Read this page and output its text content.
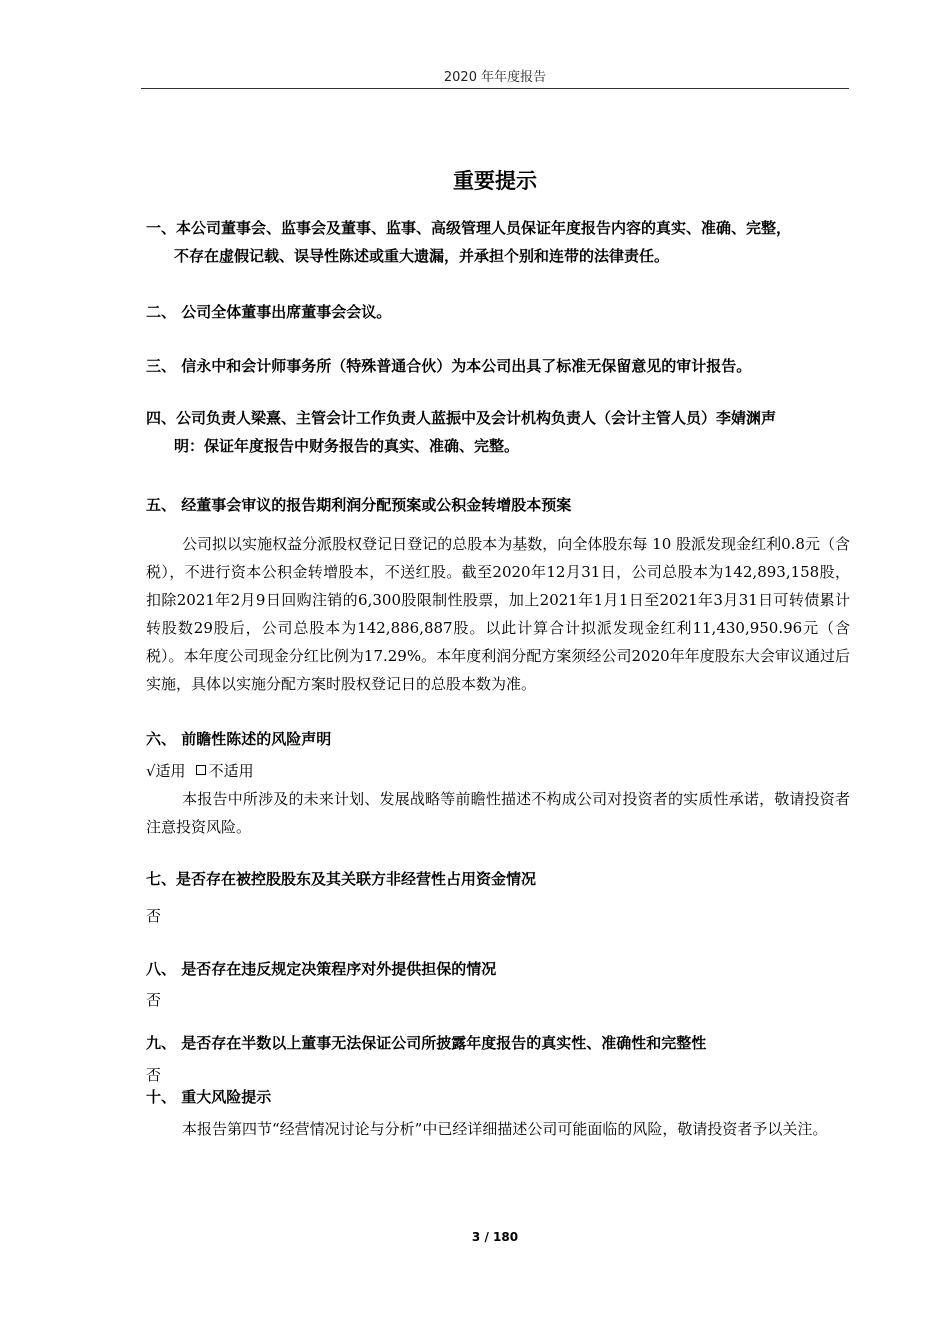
2020 年年度报告
重要提示
一、本公司董事会、监事会及董事、监事、高级管理人员保证年度报告内容的真实、准确、完整，
不存在虚假记载、误导性陈述或重大遗漏，并承担个别和连带的法律责任。
二、 公司全体董事出席董事会会议。
三、 信永中和会计师事务所（特殊普通合伙）为本公司出具了标准无保留意见的审计报告。
四、公司负责人梁熹、主管会计工作负责人蓝振中及会计机构负责人（会计主管人员）李婧渊声
明：保证年度报告中财务报告的真实、准确、完整。
五、 经董事会审议的报告期利润分配预案或公积金转增股本预案
公司拟以实施权益分派股权登记日登记的总股本为基数，向全体股东每 10 股派发现金红利0.8元（含税），不进行资本公积金转增股本，不送红股。截至2020年12月31日，公司总股本为142,893,158股，扣除2021年2月9日回购注销的6,300股限制性股票，加上2021年1月1日至2021年3月31日可转债累计转股数29股后，公司总股本为142,886,887股。以此计算合计拟派发现金红利11,430,950.96元（含税）。本年度公司现金分红比例为17.29%。本年度利润分配方案须经公司2020年年度股东大会审议通过后实施，具体以实施分配方案时股权登记日的总股本数为准。
六、 前瞻性陈述的风险声明
√适用 不适用
本报告中所涉及的未来计划、发展战略等前瞻性描述不构成公司对投资者的实质性承诺，敬请投资者注意投资风险。
七、是否存在被控股股东及其关联方非经营性占用资金情况
否
八、 是否存在违反规定决策程序对外提供担保的情况
否
九、 是否存在半数以上董事无法保证公司所披露年度报告的真实性、准确性和完整性
否
十、 重大风险提示
本报告第四节“经营情况讨论与分析”中已经详细描述公司可能面临的风险，敬请投资者予以关注。
3 / 180
